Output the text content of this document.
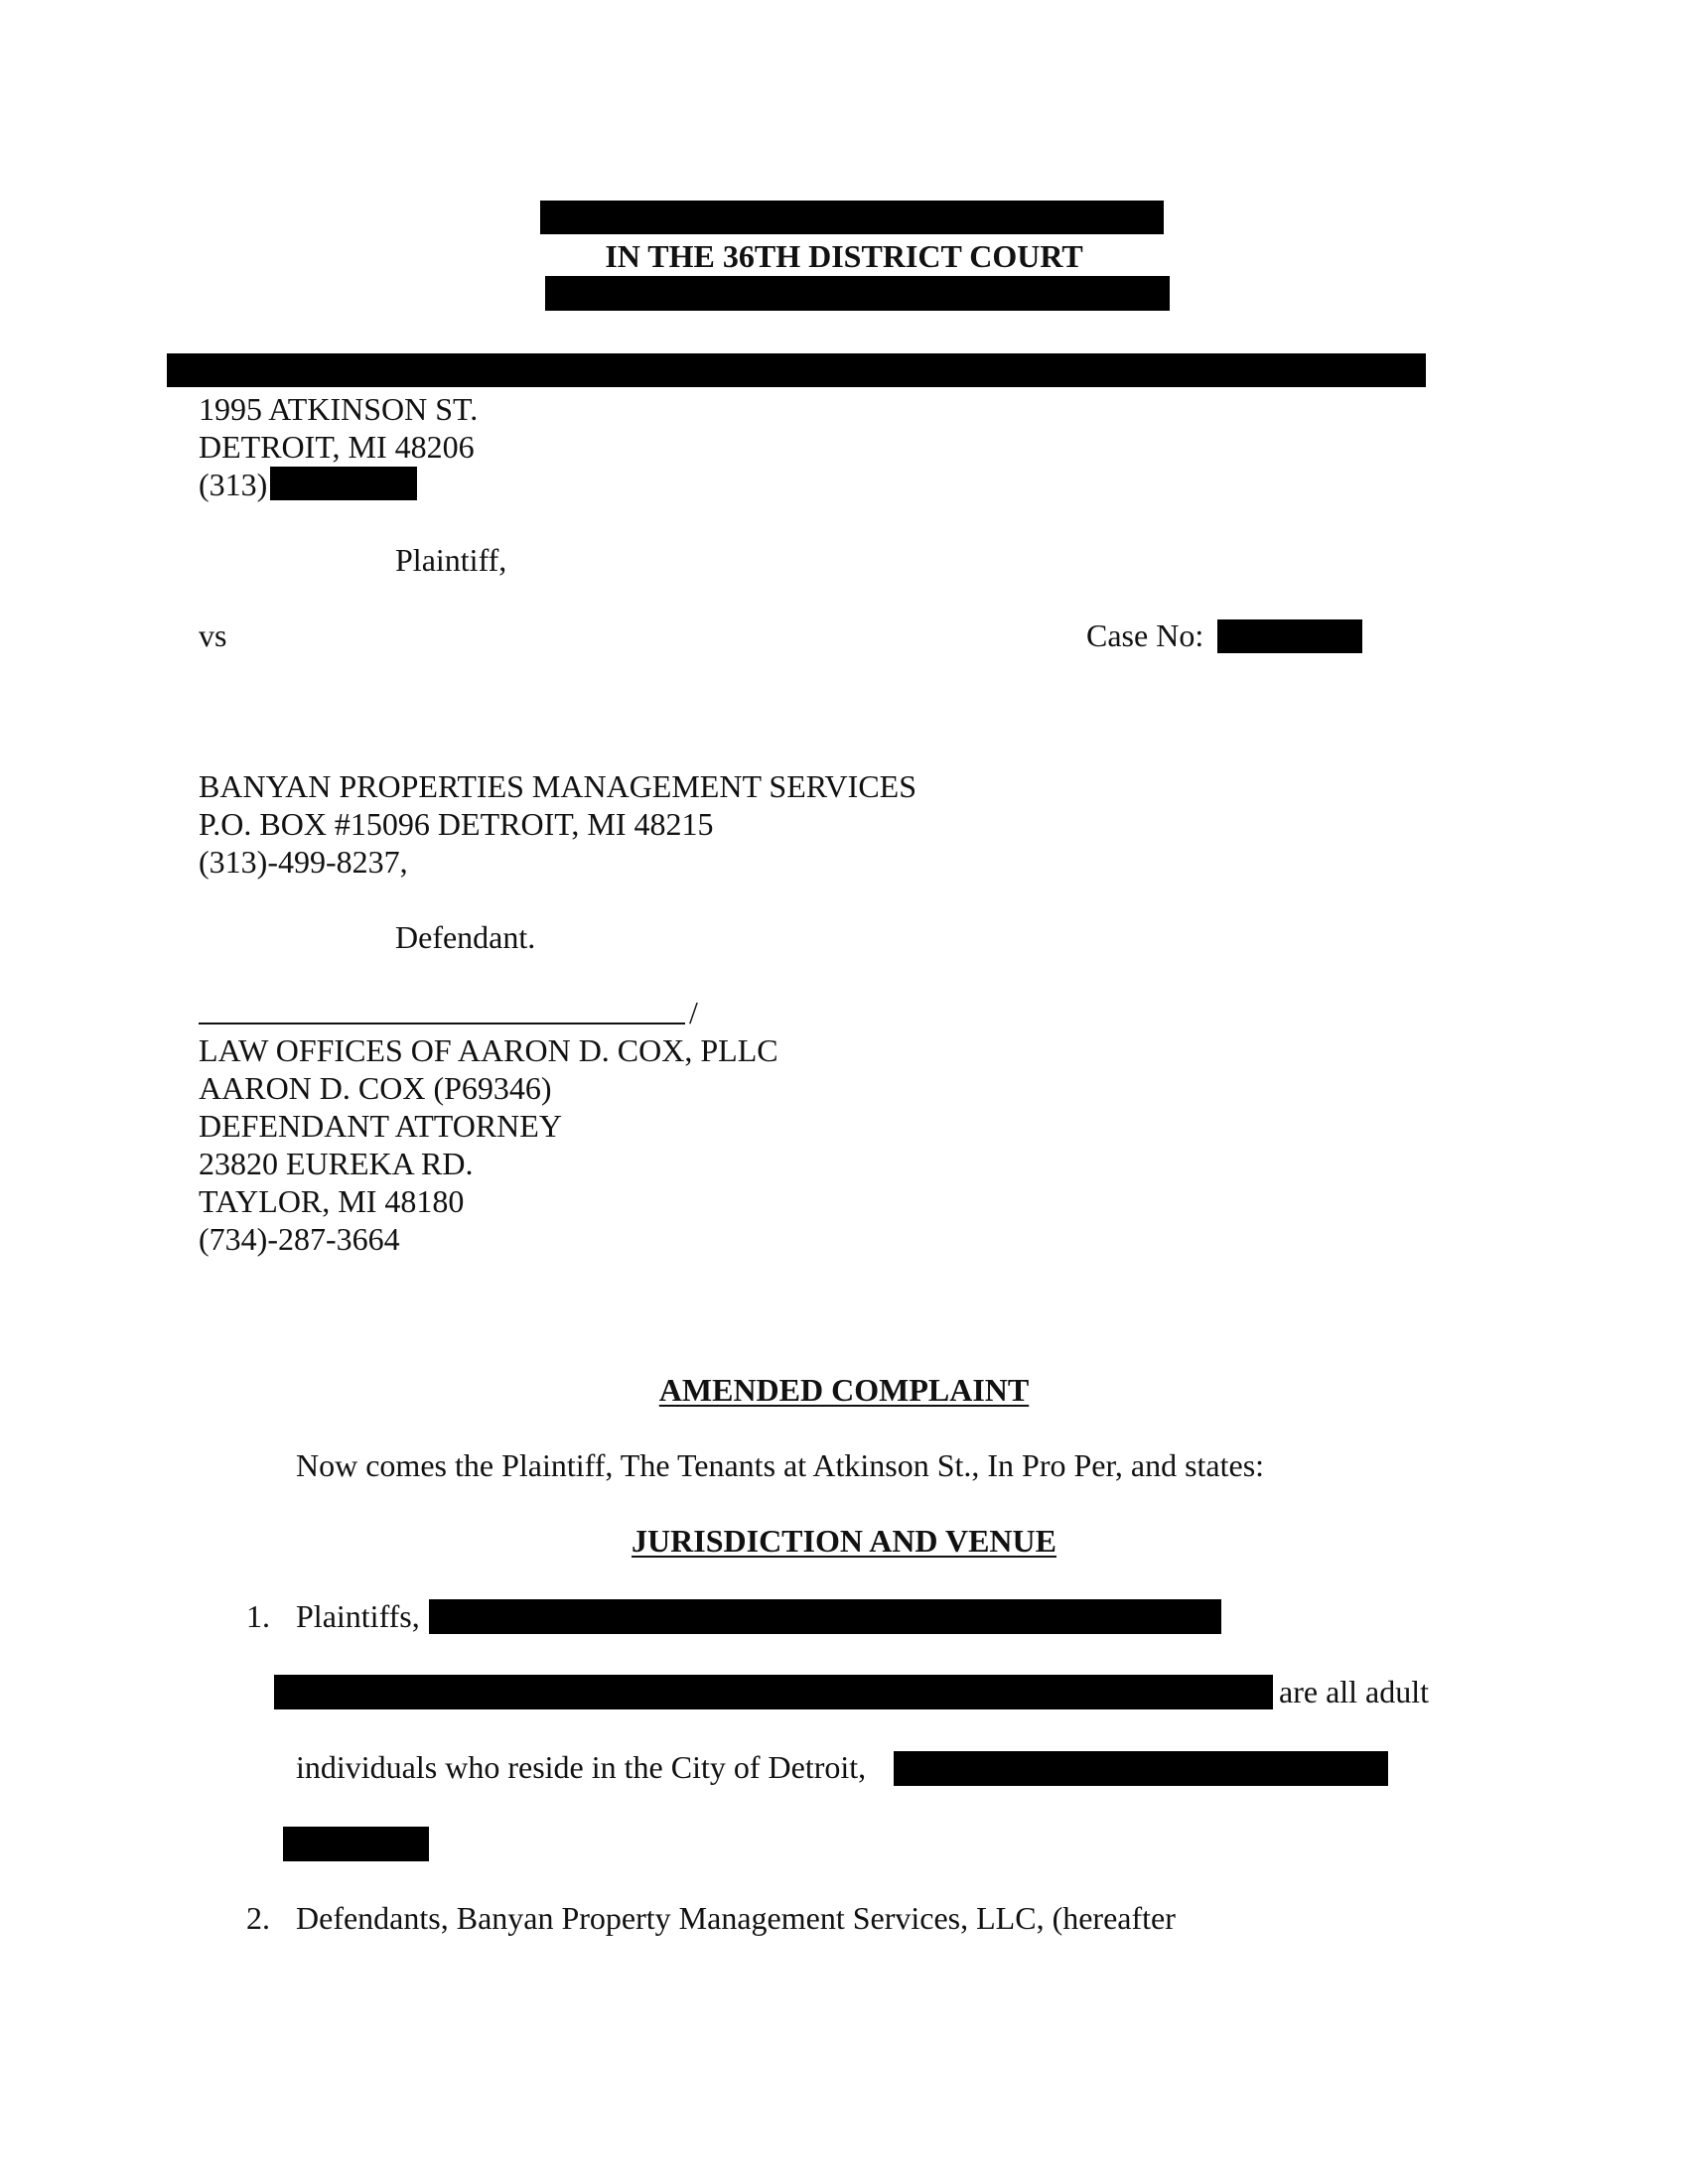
IN THE 36TH DISTRICT COURT
1995 ATKINSON ST.
DETROIT, MI 48206
(313)
Plaintiff,
vs	Case No:
BANYAN PROPERTIES MANAGEMENT SERVICES
P.O. BOX #15096 DETROIT, MI 48215
(313)-499-8237,
Defendant.
/
LAW OFFICES OF AARON D. COX, PLLC
AARON D. COX (P69346)
DEFENDANT ATTORNEY
23820 EUREKA RD.
TAYLOR, MI 48180
(734)-287-3664
AMENDED COMPLAINT
Now comes the Plaintiff, The Tenants at Atkinson St., In Pro Per, and states:
JURISDICTION AND VENUE
1. Plaintiffs,
are all adult
individuals who reside in the City of Detroit,
2. Defendants, Banyan Property Management Services, LLC, (hereafter
